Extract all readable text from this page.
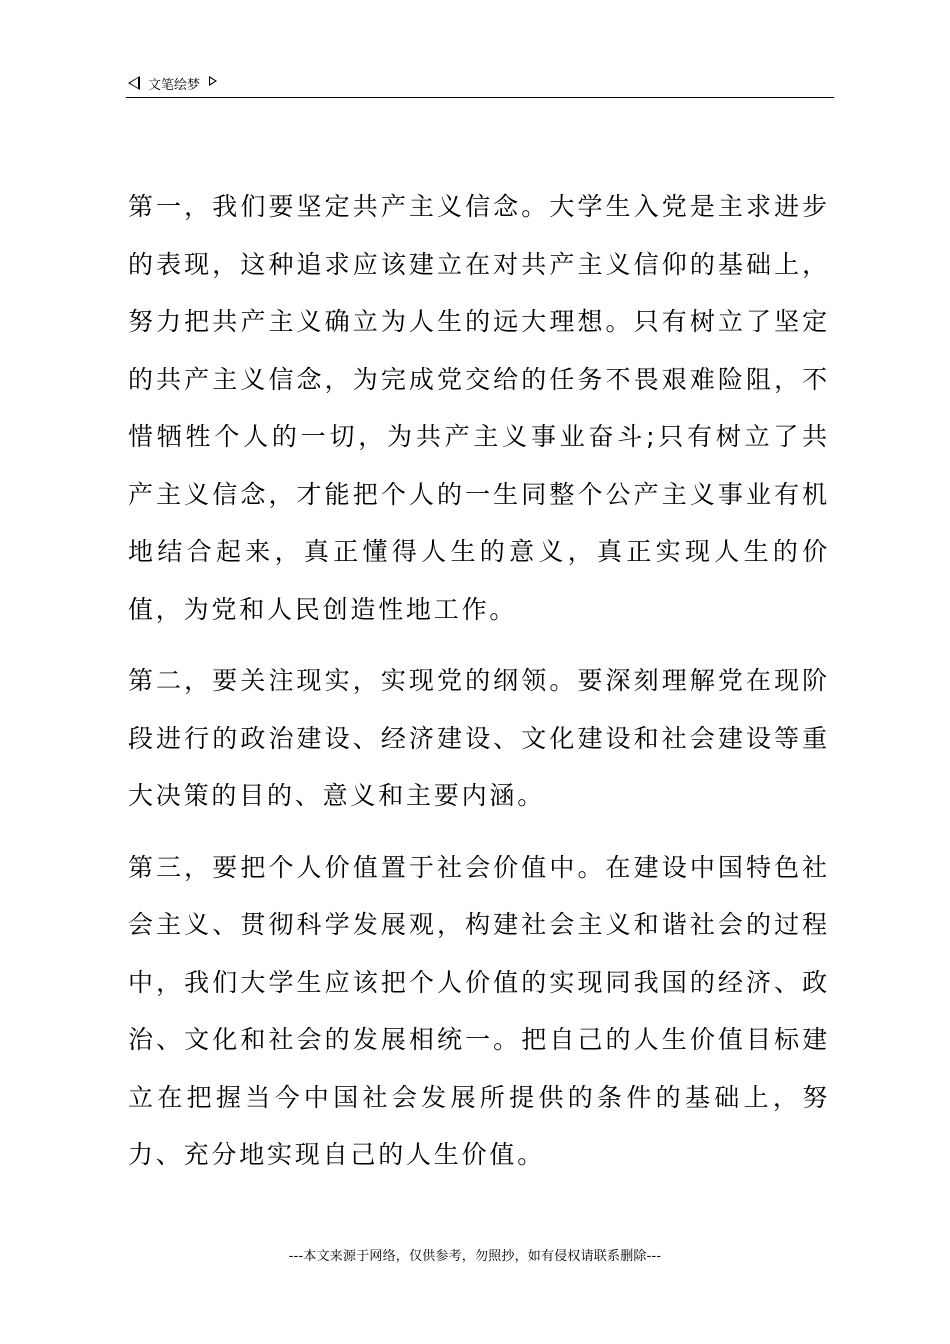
文笔绘梦

第一，我们要坚定共产主义信念。大学生入党是主求进步的表现，这种追求应该建立在对共产主义信仰的基础上，努力把共产主义确立为人生的远大理想。只有树立了坚定的共产主义信念，为完成党交给的任务不畏艰难险阻，不惜牺牲个人的一切，为共产主义事业奋斗;只有树立了共产主义信念，才能把个人的一生同整个公产主义事业有机地结合起来，真正懂得人生的意义，真正实现人生的价值，为党和人民创造性地工作。

第二，要关注现实，实现党的纲领。要深刻理解党在现阶段进行的政治建设、经济建设、文化建设和社会建设等重大决策的目的、意义和主要内涵。

第三，要把个人价值置于社会价值中。在建设中国特色社会主义、贯彻科学发展观，构建社会主义和谐社会的过程中，我们大学生应该把个人价值的实现同我国的经济、政治、文化和社会的发展相统一。把自己的人生价值目标建立在把握当今中国社会发展所提供的条件的基础上，努力、充分地实现自己的人生价值。

---本文来源于网络，仅供参考，勿照抄，如有侵权请联系删除---
